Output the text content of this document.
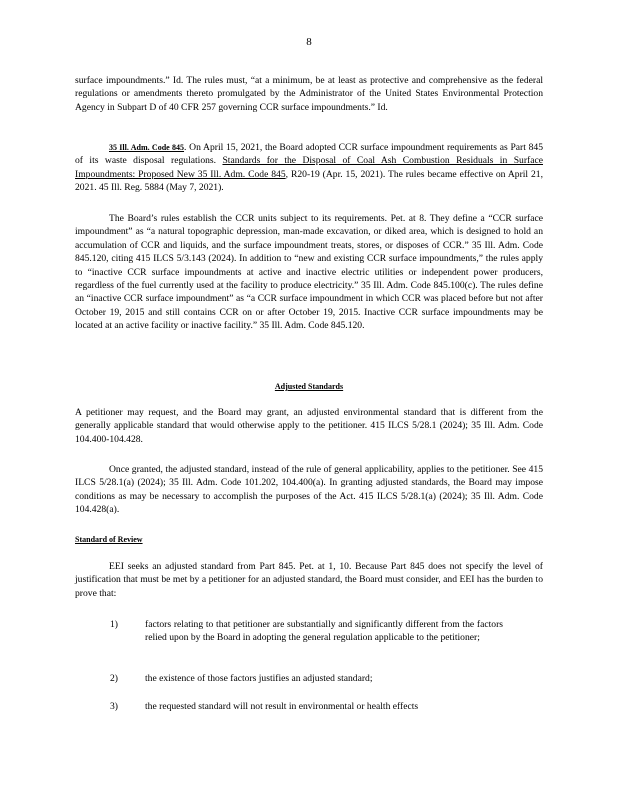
8

surface impoundments.” Id. The rules must, “at a minimum, be at least as protective and comprehensive as the federal regulations or amendments thereto promulgated by the Administrator of the United States Environmental Protection Agency in Subpart D of 40 CFR 257 governing CCR surface impoundments.” Id.

35 Ill. Adm. Code 845. On April 15, 2021, the Board adopted CCR surface impoundment requirements as Part 845 of its waste disposal regulations. Standards for the Disposal of Coal Ash Combustion Residuals in Surface Impoundments: Proposed New 35 Ill. Adm. Code 845, R20-19 (Apr. 15, 2021). The rules became effective on April 21, 2021. 45 Ill. Reg. 5884 (May 7, 2021).

The Board’s rules establish the CCR units subject to its requirements. Pet. at 8. They define a “CCR surface impoundment” as “a natural topographic depression, man-made excavation, or diked area, which is designed to hold an accumulation of CCR and liquids, and the surface impoundment treats, stores, or disposes of CCR.” 35 Ill. Adm. Code 845.120, citing 415 ILCS 5/3.143 (2024). In addition to “new and existing CCR surface impoundments,” the rules apply to “inactive CCR surface impoundments at active and inactive electric utilities or independent power producers, regardless of the fuel currently used at the facility to produce electricity.” 35 Ill. Adm. Code 845.100(c). The rules define an “inactive CCR surface impoundment” as “a CCR surface impoundment in which CCR was placed before but not after October 19, 2015 and still contains CCR on or after October 19, 2015. Inactive CCR surface impoundments may be located at an active facility or inactive facility.” 35 Ill. Adm. Code 845.120.

Adjusted Standards

A petitioner may request, and the Board may grant, an adjusted environmental standard that is different from the generally applicable standard that would otherwise apply to the petitioner. 415 ILCS 5/28.1 (2024); 35 Ill. Adm. Code 104.400-104.428.

Once granted, the adjusted standard, instead of the rule of general applicability, applies to the petitioner. See 415 ILCS 5/28.1(a) (2024); 35 Ill. Adm. Code 101.202, 104.400(a). In granting adjusted standards, the Board may impose conditions as may be necessary to accomplish the purposes of the Act. 415 ILCS 5/28.1(a) (2024); 35 Ill. Adm. Code 104.428(a).

Standard of Review

EEI seeks an adjusted standard from Part 845. Pet. at 1, 10. Because Part 845 does not specify the level of justification that must be met by a petitioner for an adjusted standard, the Board must consider, and EEI has the burden to prove that:

1)	factors relating to that petitioner are substantially and significantly different from the factors relied upon by the Board in adopting the general regulation applicable to the petitioner;
2)	the existence of those factors justifies an adjusted standard;
3)	the requested standard will not result in environmental or health effects
